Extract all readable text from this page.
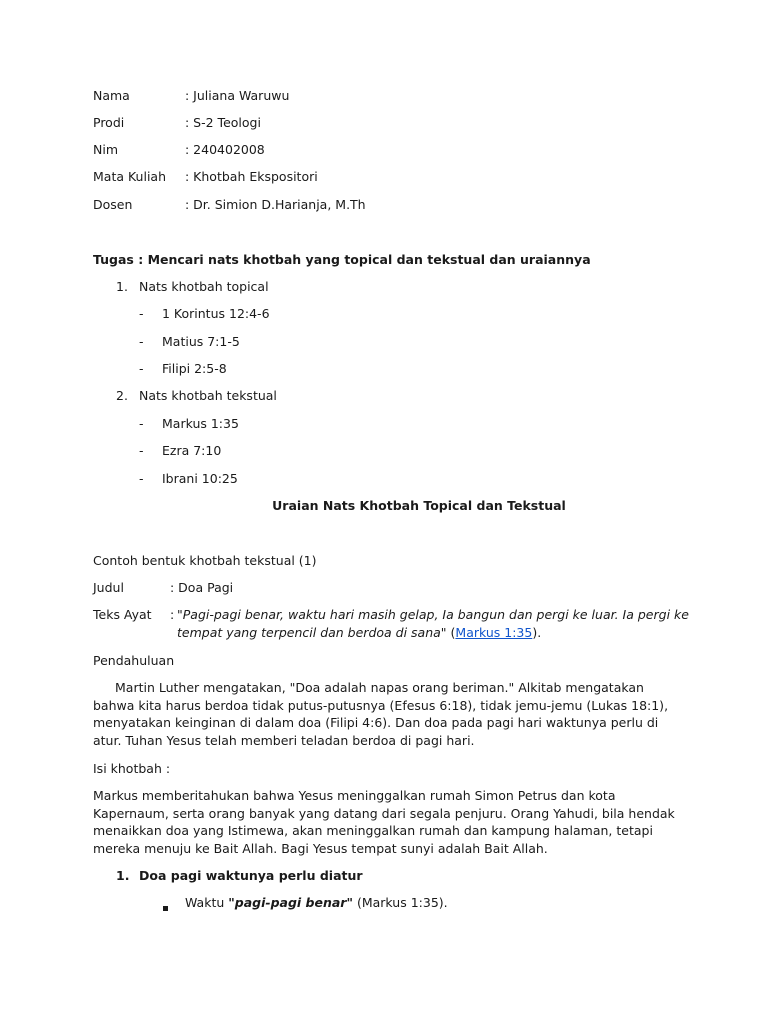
Nama	: Juliana Waruwu
Prodi	: S-2 Teologi
Nim	: 240402008
Mata Kuliah : Khotbah Ekspositori
Dosen	: Dr. Simion D.Harianja, M.Th
Tugas : Mencari nats khotbah yang topical dan tekstual dan uraiannya
1. Nats khotbah topical
- 1 Korintus 12:4-6
- Matius 7:1-5
- Filipi 2:5-8
2. Nats khotbah tekstual
- Markus 1:35
- Ezra 7:10
- Ibrani 10:25
Uraian Nats Khotbah Topical dan Tekstual
Contoh bentuk khotbah tekstual (1)
Judul	: Doa Pagi
Teks Ayat : "Pagi-pagi benar, waktu hari masih gelap, Ia bangun dan pergi ke luar. Ia pergi ke
tempat yang terpencil dan berdoa di sana" (Markus 1:35).
Pendahuluan
Martin Luther mengatakan, "Doa adalah napas orang beriman." Alkitab mengatakan bahwa kita harus berdoa tidak putus-putusnya (Efesus 6:18), tidak jemu-jemu (Lukas 18:1), menyatakan keinginan di dalam doa (Filipi 4:6). Dan doa pada pagi hari waktunya perlu di atur. Tuhan Yesus telah memberi teladan berdoa di pagi hari.
Isi khotbah :
Markus memberitahukan bahwa Yesus meninggalkan rumah Simon Petrus dan kota Kapernaum, serta orang banyak yang datang dari segala penjuru. Orang Yahudi, bila hendak menaikkan doa yang Istimewa, akan meninggalkan rumah dan kampung halaman, tetapi mereka menuju ke Bait Allah. Bagi Yesus tempat sunyi adalah Bait Allah.
1. Doa pagi waktunya perlu diatur
Waktu "pagi-pagi benar" (Markus 1:35).
